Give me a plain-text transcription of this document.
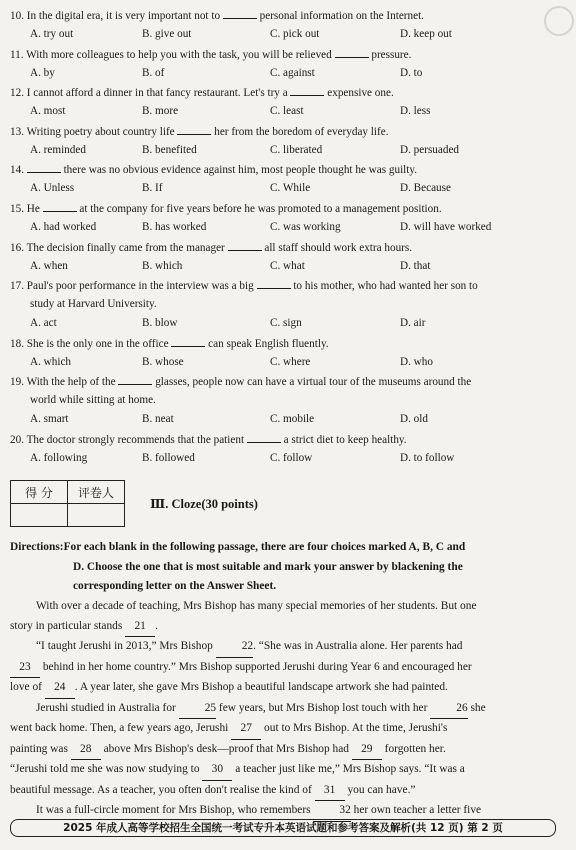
10. In the digital era, it is very important not to	personal information on the Internet.
A. try out	B. give out	C. pick out	D. keep out
11. With more colleagues to help you with the task, you will be relieved	pressure.
A. by	B. of	C. against	D. to
12. I cannot afford a dinner in that fancy restaurant. Let's try a	expensive one.
A. most	B. more	C. least	D. less
13. Writing poetry about country life	her from the boredom of everyday life.
A. reminded	B. benefited	C. liberated	D. persuaded
14.	there was no obvious evidence against him, most people thought he was guilty.
A. Unless	B. If	C. While	D. Because
15. He	at the company for five years before he was promoted to a management position.
A. had worked	B. has worked	C. was working	D. will have worked
16. The decision finally came from the manager	all staff should work extra hours.
A. when	B. which	C. what	D. that
17. Paul's poor performance in the interview was a big	to his mother, who had wanted her son to
study at Harvard University.
A. act	B. blow	C. sign	D. air
18. She is the only one in the office	can speak English fluently.
A. which	B. whose	C. where	D. who
19. With the help of the	glasses, people now can have a virtual tour of the museums around the
world while sitting at home.
A. smart	B. neat	C. mobile	D. old
20. The doctor strongly recommends that the patient	a strict diet to keep healthy.
A. following	B. followed	C. follow	D. to follow
得 分	评卷人

Ⅲ. Cloze(30 points)
Directions:For each blank in the following passage, there are four choices marked A, B, C and
D. Choose the one that is most suitable and mark your answer by blackening the
corresponding letter on the Answer Sheet.
With over a decade of teaching, Mrs Bishop has many special memories of her students. But one
story in particular stands 21 .
“I taught Jerushi in 2013,” Mrs Bishop 22. “She was in Australia alone. Her parents had
23 behind in her home country.” Mrs Bishop supported Jerushi during Year 6 and encouraged her
love of 24 . A year later, she gave Mrs Bishop a beautiful landscape artwork she had painted.
Jerushi studied in Australia for 25 few years, but Mrs Bishop lost touch with her 26 she
went back home. Then, a few years ago, Jerushi 27 out to Mrs Bishop. At the time, Jerushi's
painting was 28 above Mrs Bishop's desk—proof that Mrs Bishop had 29 forgotten her.
“Jerushi told me she was now studying to 30 a teacher just like me,” Mrs Bishop says. “It was a
beautiful message. As a teacher, you often don't realise the kind of 31 you can have.”
It was a full-circle moment for Mrs Bishop, who remembers 32 her own teacher a letter five
2025 年成人高等学校招生全国统一考试专升本英语试题和参考答案及解析(共 12 页) 第 2 页
